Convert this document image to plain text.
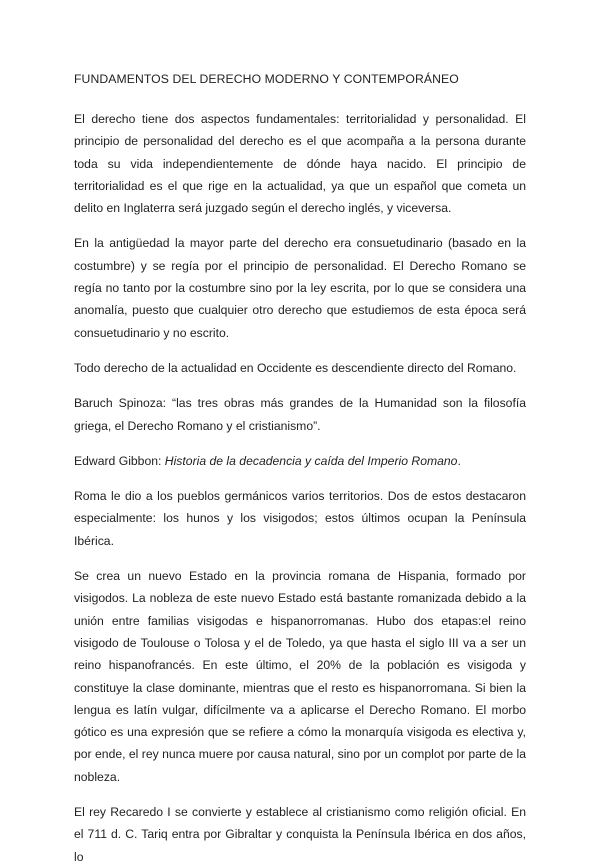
FUNDAMENTOS DEL DERECHO MODERNO Y CONTEMPORÁNEO

El derecho tiene dos aspectos fundamentales: territorialidad y personalidad. El principio de personalidad del derecho es el que acompaña a la persona durante toda su vida independientemente de dónde haya nacido. El principio de territorialidad es el que rige en la actualidad, ya que un español que cometa un delito en Inglaterra será juzgado según el derecho inglés, y viceversa.

En la antigüedad la mayor parte del derecho era consuetudinario (basado en la costumbre) y se regía por el principio de personalidad. El Derecho Romano se regía no tanto por la costumbre sino por la ley escrita, por lo que se considera una anomalía, puesto que cualquier otro derecho que estudiemos de esta época será consuetudinario y no escrito.

Todo derecho de la actualidad en Occidente es descendiente directo del Romano.

Baruch Spinoza: “las tres obras más grandes de la Humanidad son la filosofía griega, el Derecho Romano y el cristianismo”.

Edward Gibbon: Historia de la decadencia y caída del Imperio Romano.

Roma le dio a los pueblos germánicos varios territorios. Dos de estos destacaron especialmente: los hunos y los visigodos; estos últimos ocupan la Península Ibérica.

Se crea un nuevo Estado en la provincia romana de Hispania, formado por visigodos. La nobleza de este nuevo Estado está bastante romanizada debido a la unión entre familias visigodas e hispanorromanas. Hubo dos etapas:el reino visigodo de Toulouse o Tolosa y el de Toledo, ya que hasta el siglo III va a ser un reino hispanofrancés. En este último, el 20% de la población es visigoda y constituye la clase dominante, mientras que el resto es hispanorromana. Si bien la lengua es latín vulgar, difícilmente va a aplicarse el Derecho Romano. El morbo gótico es una expresión que se refiere a cómo la monarquía visigoda es electiva y, por ende, el rey nunca muere por causa natural, sino por un complot por parte de la nobleza.

El rey Recaredo I se convierte y establece al cristianismo como religión oficial. En el 711 d. C. Tariq entra por Gibraltar y conquista la Península Ibérica en dos años, lo
